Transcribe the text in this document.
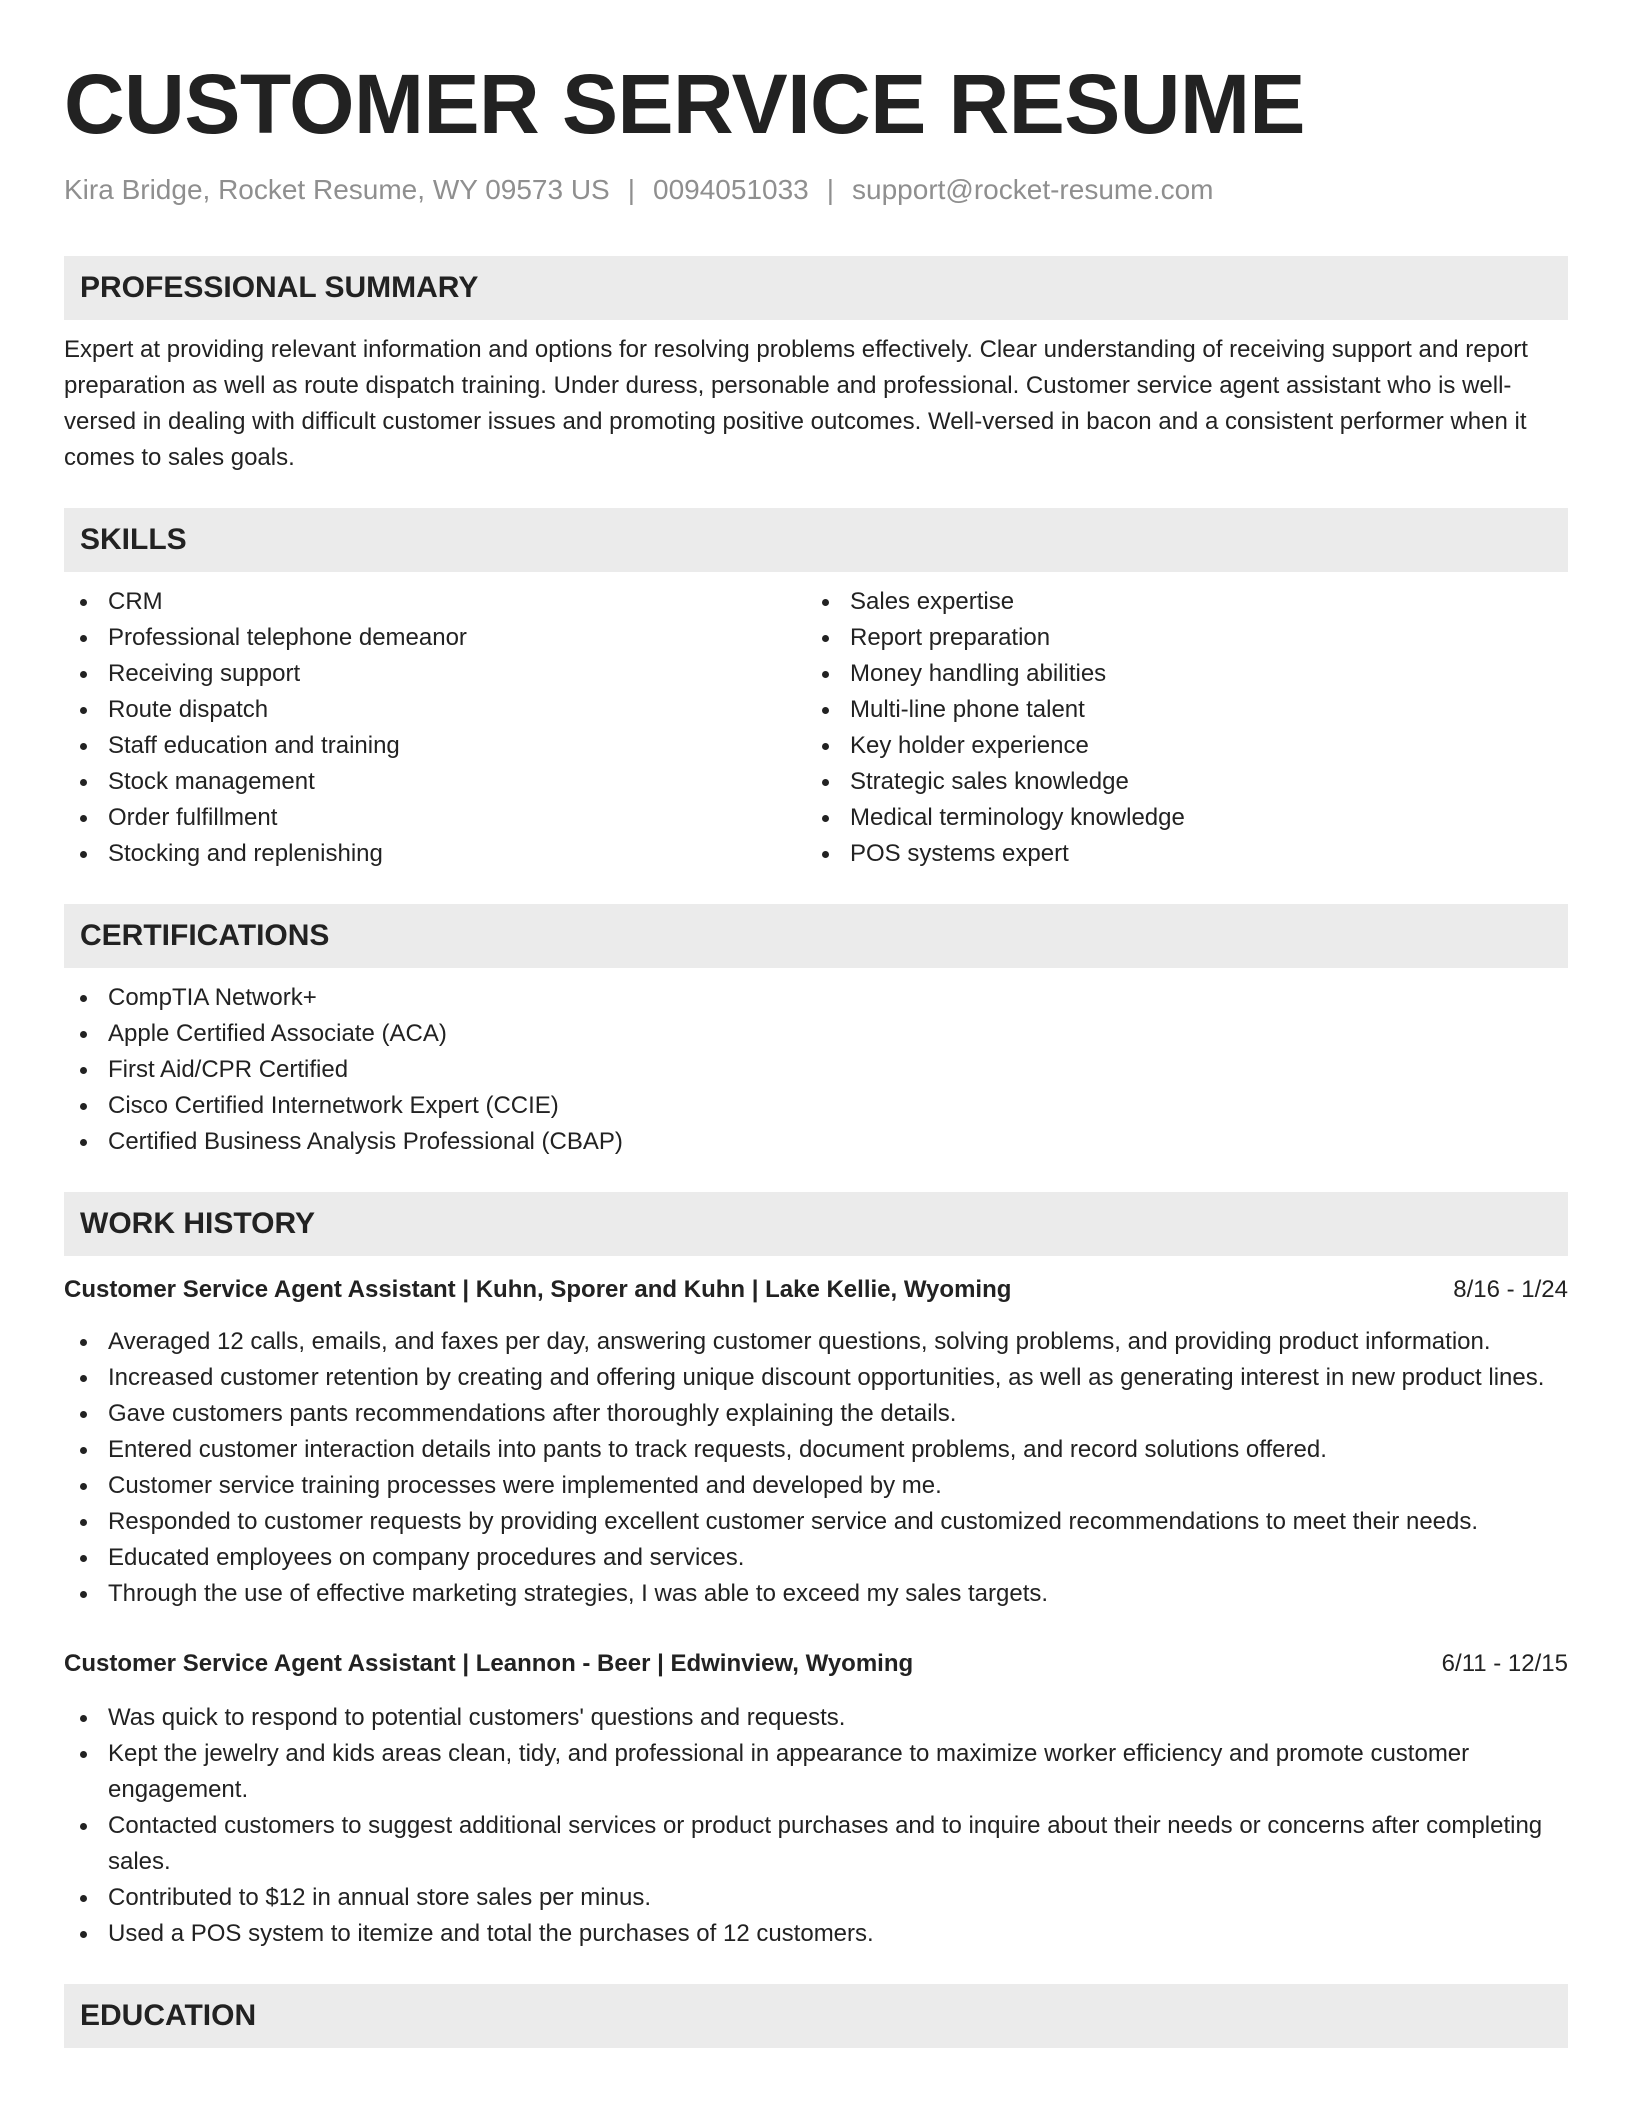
CUSTOMER SERVICE RESUME
Kira Bridge, Rocket Resume, WY 09573 US | 0094051033 | support@rocket-resume.com
PROFESSIONAL SUMMARY

Expert at providing relevant information and options for resolving problems effectively. Clear understanding of receiving support and report preparation as well as route dispatch training. Under duress, personable and professional. Customer service agent assistant who is well-versed in dealing with difficult customer issues and promoting positive outcomes. Well-versed in bacon and a consistent performer when it comes to sales goals.

SKILLS
CRM
Professional telephone demeanor
Receiving support
Route dispatch
Staff education and training
Stock management
Order fulfillment
Stocking and replenishing
Sales expertise
Report preparation
Money handling abilities
Multi-line phone talent
Key holder experience
Strategic sales knowledge
Medical terminology knowledge
POS systems expert
CERTIFICATIONS
CompTIA Network+
Apple Certified Associate (ACA)
First Aid/CPR Certified
Cisco Certified Internetwork Expert (CCIE)
Certified Business Analysis Professional (CBAP)
WORK HISTORY
Customer Service Agent Assistant | Kuhn, Sporer and Kuhn | Lake Kellie, Wyoming	8/16 - 1/24
Averaged 12 calls, emails, and faxes per day, answering customer questions, solving problems, and providing product information.
Increased customer retention by creating and offering unique discount opportunities, as well as generating interest in new product lines.
Gave customers pants recommendations after thoroughly explaining the details.
Entered customer interaction details into pants to track requests, document problems, and record solutions offered.
Customer service training processes were implemented and developed by me.
Responded to customer requests by providing excellent customer service and customized recommendations to meet their needs.
Educated employees on company procedures and services.
Through the use of effective marketing strategies, I was able to exceed my sales targets.
Customer Service Agent Assistant | Leannon - Beer | Edwinview, Wyoming	6/11 - 12/15
Was quick to respond to potential customers' questions and requests.
Kept the jewelry and kids areas clean, tidy, and professional in appearance to maximize worker efficiency and promote customer engagement.
Contacted customers to suggest additional services or product purchases and to inquire about their needs or concerns after completing sales.
Contributed to $12 in annual store sales per minus.
Used a POS system to itemize and total the purchases of 12 customers.
EDUCATION
